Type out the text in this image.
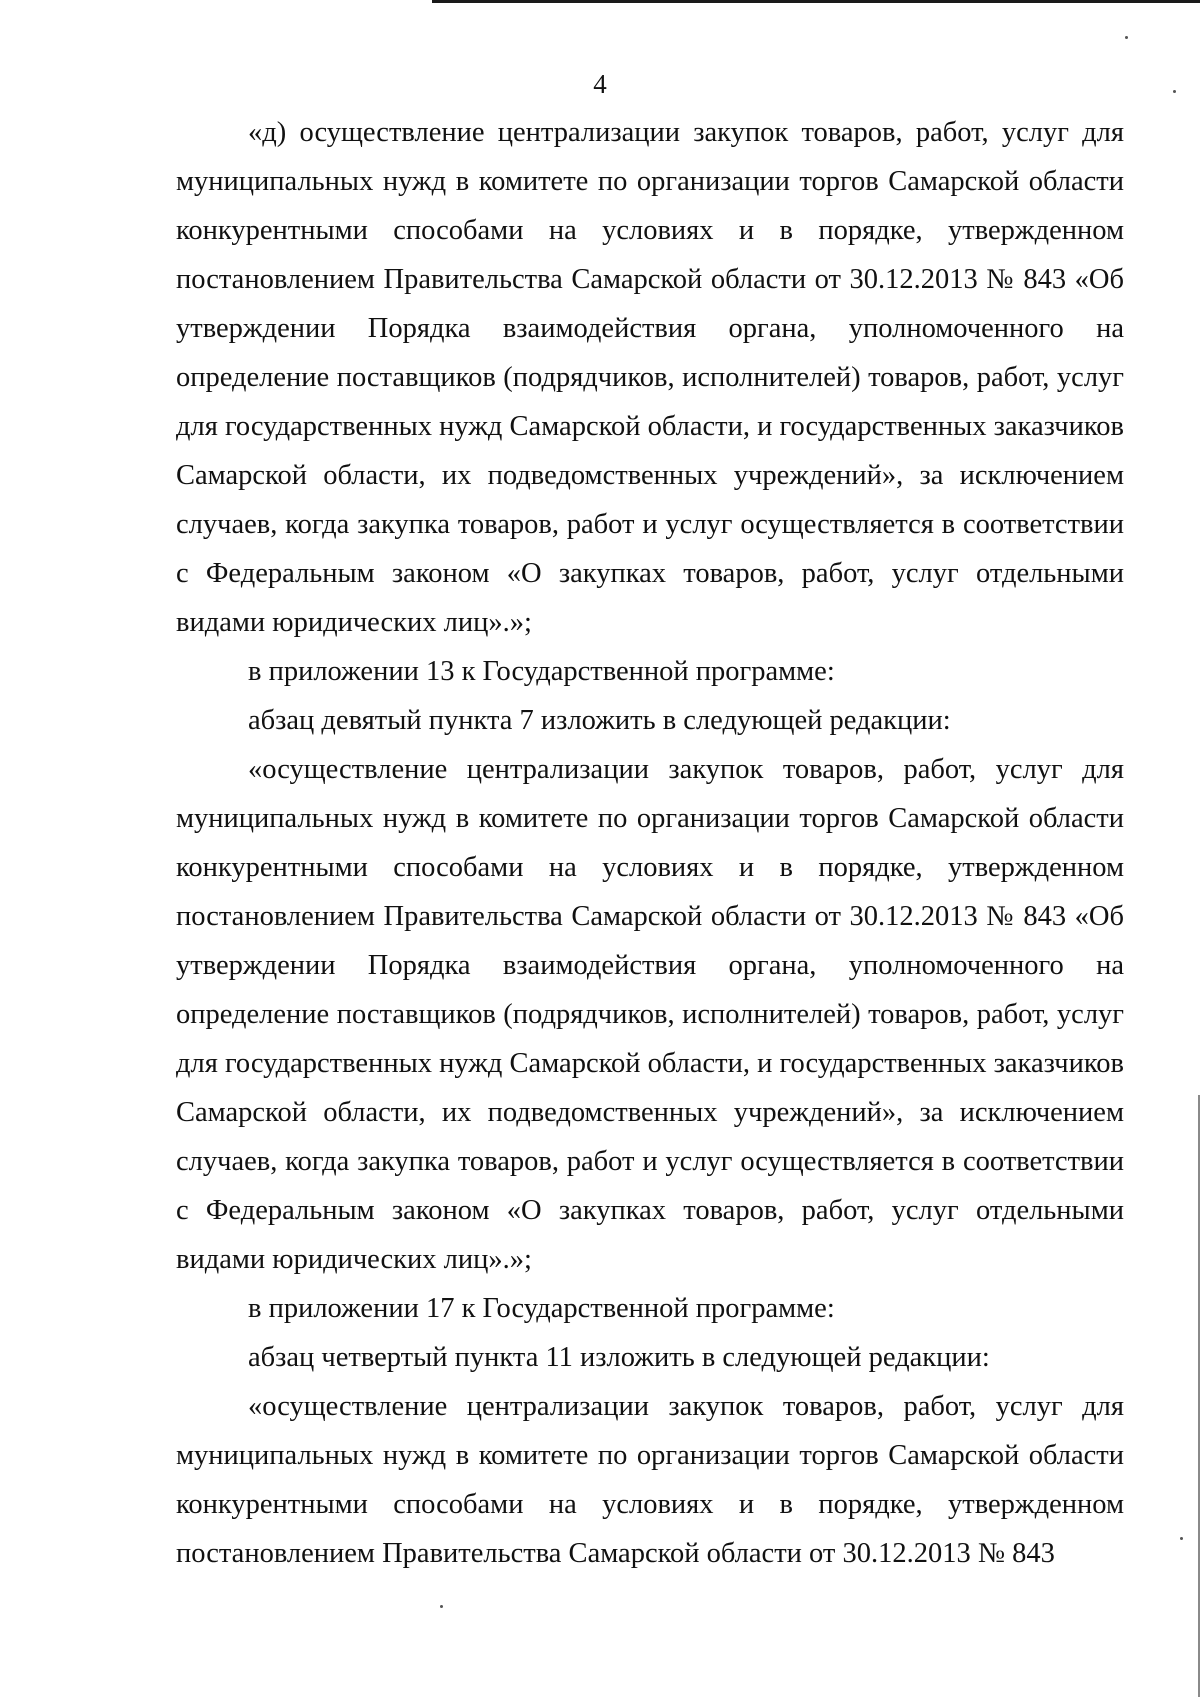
4

«д) осуществление централизации закупок товаров, работ, услуг для муниципальных нужд в комитете по организации торгов Самарской области конкурентными способами на условиях и в порядке, утвержденном постановлением Правительства Самарской области от 30.12.2013 № 843 «Об утверждении Порядка взаимодействия органа, уполномоченного на определение поставщиков (подрядчиков, исполнителей) товаров, работ, услуг для государственных нужд Самарской области, и государственных заказчиков Самарской области, их подведомственных учреждений», за исключением случаев, когда закупка товаров, работ и услуг осуществляется в соответствии с Федеральным законом «О закупках товаров, работ, услуг отдельными видами юридических лиц».»;

в приложении 13 к Государственной программе:

абзац девятый пункта 7 изложить в следующей редакции:

«осуществление централизации закупок товаров, работ, услуг для муниципальных нужд в комитете по организации торгов Самарской области конкурентными способами на условиях и в порядке, утвержденном постановлением Правительства Самарской области от 30.12.2013 № 843 «Об утверждении Порядка взаимодействия органа, уполномоченного на определение поставщиков (подрядчиков, исполнителей) товаров, работ, услуг для государственных нужд Самарской области, и государственных заказчиков Самарской области, их подведомственных учреждений», за исключением случаев, когда закупка товаров, работ и услуг осуществляется в соответствии с Федеральным законом «О закупках товаров, работ, услуг отдельными видами юридических лиц».»;

в приложении 17 к Государственной программе:

абзац четвертый пункта 11 изложить в следующей редакции:

«осуществление централизации закупок товаров, работ, услуг для муниципальных нужд в комитете по организации торгов Самарской области конкурентными способами на условиях и в порядке, утвержденном постановлением Правительства Самарской области от 30.12.2013 № 843
